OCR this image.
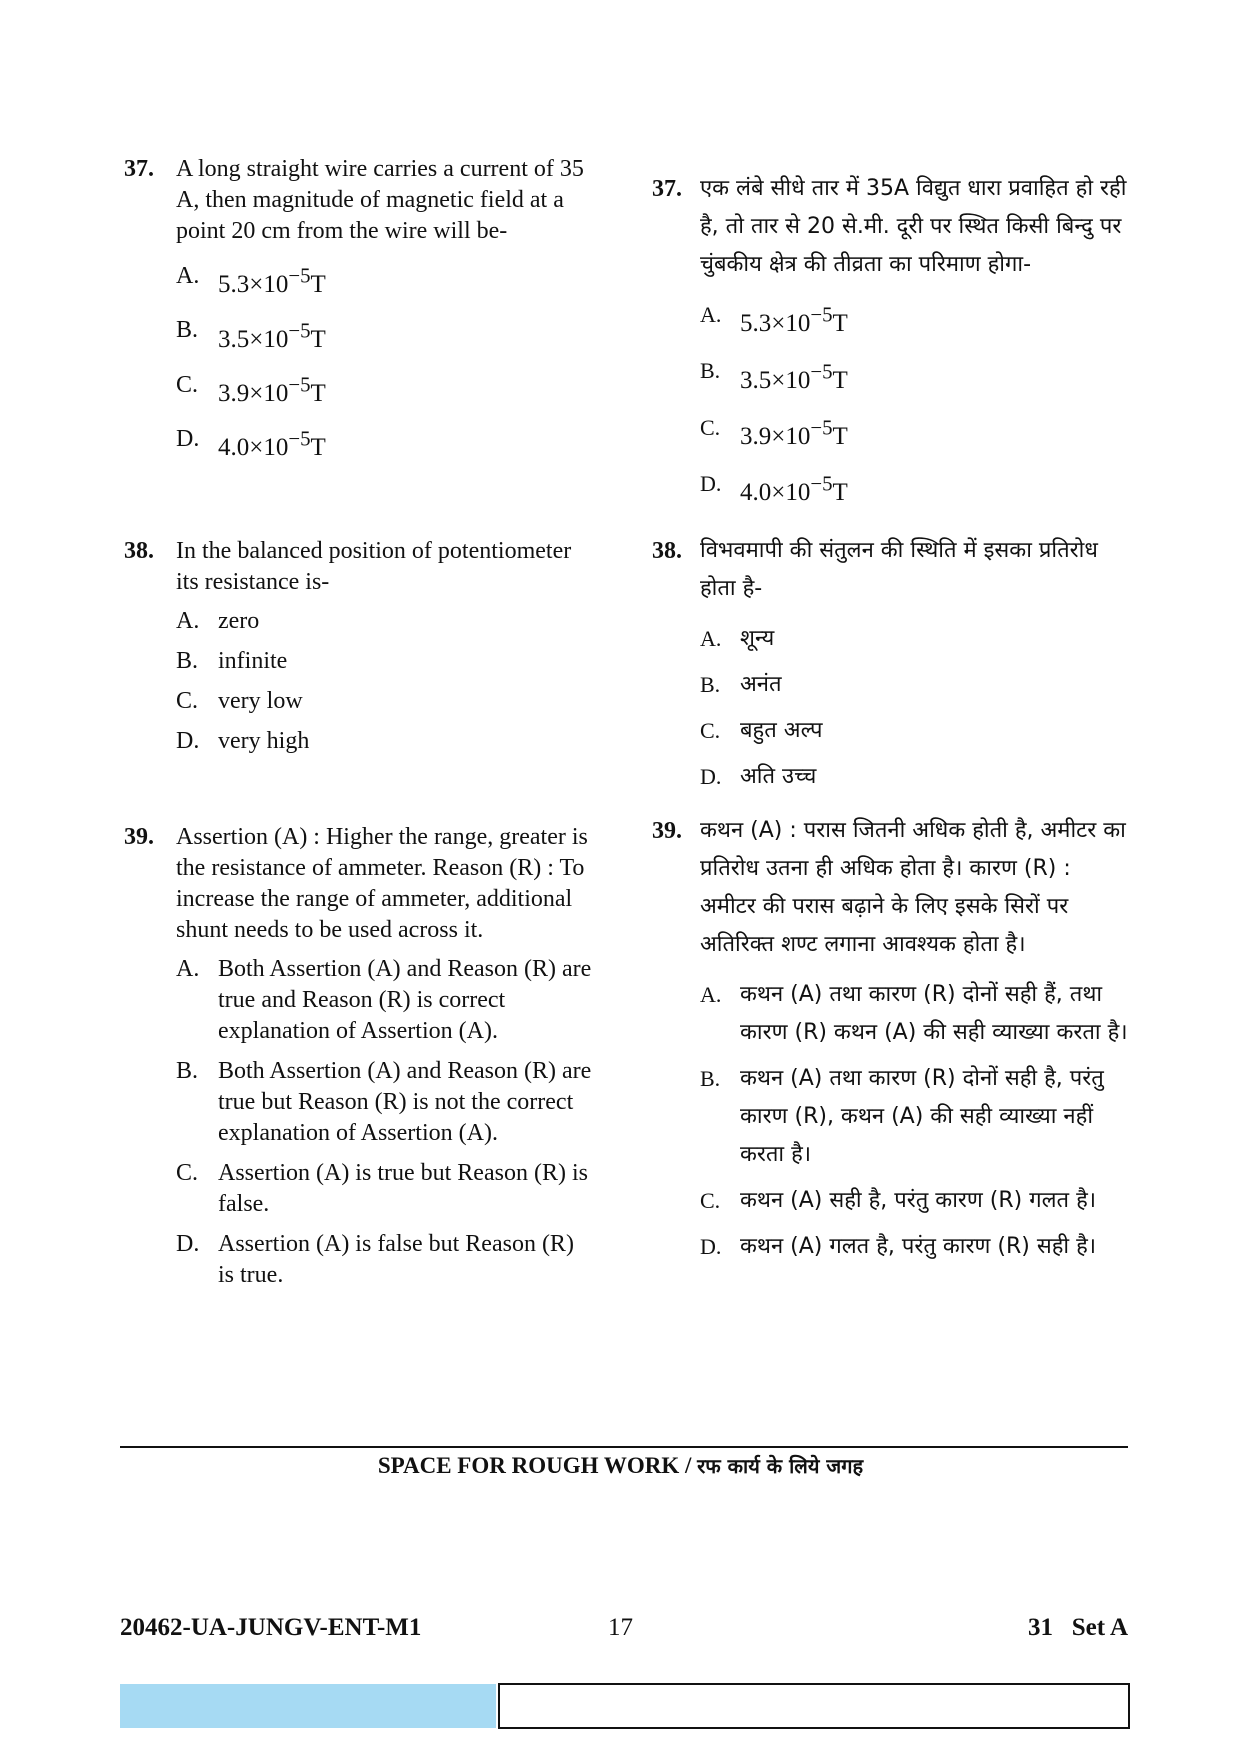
37. A long straight wire carries a current of 35 A, then magnitude of magnetic field at a point 20 cm from the wire will be-

A. $5.3\times 10^{-5}T$
B. $3.5\times 10^{-5}T$
C. $3.9\times 10^{-5}T$
D. $4.0\times 10^{-5}T$
38. In the balanced position of potentiometer its resistance is-

A. zero
B. infinite
C. very low
D. very high
39. Assertion (A) : Higher the range, greater is the resistance of ammeter. Reason (R) : To increase the range of ammeter, additional shunt needs to be used across it.

A. Both Assertion (A) and Reason (R) are true and Reason (R) is correct explanation of Assertion (A).
B. Both Assertion (A) and Reason (R) are true but Reason (R) is not the correct explanation of Assertion (A).
C. Assertion (A) is true but Reason (R) is false.
D. Assertion (A) is false but Reason (R) is true.
37. एक लंबे सीधे तार में 35A विद्युत धारा प्रवाहित हो रही है, तो तार से 20 से.मी. दूरी पर स्थित किसी बिन्दु पर चुंबकीय क्षेत्र की तीव्रता का परिमाण होगा-

A. $5.3\times 10^{-5}T$
B. $3.5\times 10^{-5}T$
C. $3.9\times 10^{-5}T$
D. $4.0\times 10^{-5}T$
38. विभवमापी की संतुलन की स्थिति में इसका प्रतिरोध होता है-

A. शून्य
B. अनंत
C. बहुत अल्प
D. अति उच्च
39. कथन (A) : परास जितनी अधिक होती है, अमीटर का प्रतिरोध उतना ही अधिक होता है। कारण (R) : अमीटर की परास बढ़ाने के लिए इसके सिरों पर अतिरिक्त शण्ट लगाना आवश्यक होता है।

A. कथन (A) तथा कारण (R) दोनों सही हैं, तथा कारण (R) कथन (A) की सही व्याख्या करता है।
B. कथन (A) तथा कारण (R) दोनों सही है, परंतु कारण (R), कथन (A) की सही व्याख्या नहीं करता है।
C. कथन (A) सही है, परंतु कारण (R) गलत है।
D. कथन (A) गलत है, परंतु कारण (R) सही है।
SPACE FOR ROUGH WORK / रफ कार्य के लिये जगह
20462-UA-JUNGV-ENT-M1	17	31   Set A
